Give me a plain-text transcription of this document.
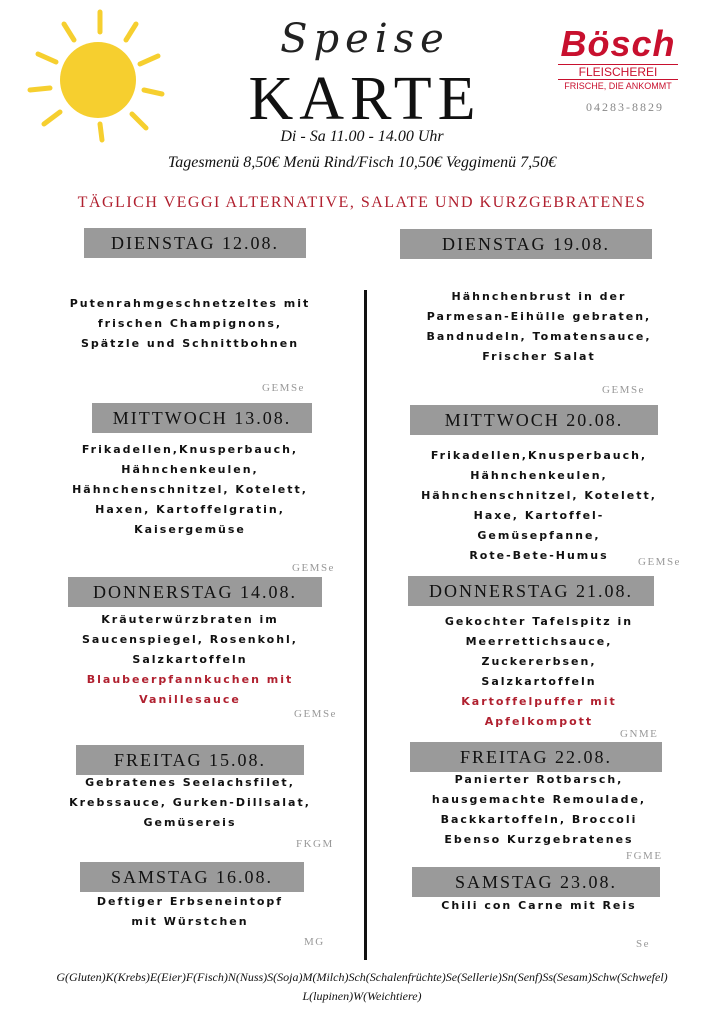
Speise
KARTE
Di - Sa 11.00 - 14.00 Uhr
Tagesmenü 8,50€ Menü Rind/Fisch 10,50€ Veggimenü 7,50€
TÄGLICH VEGGI ALTERNATIVE, SALATE UND KURZGEBRATENES
Bösch
FLEISCHEREI
FRISCHE, DIE ANKOMMT
04283-8829
DIENSTAG 12.08.
Putenrahmgeschnetzeltes mit
frischen Champignons,
Spätzle und Schnittbohnen
GEMSe
MITTWOCH 13.08.
Frikadellen,Knusperbauch,
Hähnchenkeulen,
Hähnchenschnitzel, Kotelett,
Haxen, Kartoffelgratin,
Kaisergemüse
GEMSe
DONNERSTAG 14.08.
Kräuterwürzbraten im
Saucenspiegel, Rosenkohl,
Salzkartoffeln
Blaubeerpfannkuchen mit
Vanillesauce
GEMSe
FREITAG 15.08.
Gebratenes Seelachsfilet,
Krebssauce, Gurken-Dillsalat,
Gemüsereis
FKGM
SAMSTAG 16.08.
Deftiger Erbseneintopf
mit Würstchen
MG
DIENSTAG 19.08.
Hähnchenbrust in der
Parmesan-Eihülle gebraten,
Bandnudeln, Tomatensauce,
Frischer Salat
GEMSe
MITTWOCH 20.08.
Frikadellen,Knusperbauch,
Hähnchenkeulen,
Hähnchenschnitzel, Kotelett,
Haxe, Kartoffel-
Gemüsepfanne,
Rote-Bete-Humus	GEMSe
DONNERSTAG 21.08.
Gekochter Tafelspitz in
Meerrettichsauce,
Zuckererbsen,
Salzkartoffeln
Kartoffelpuffer mit
Apfelkompott
GNME
FREITAG 22.08.
Panierter Rotbarsch,
hausgemachte Remoulade,
Backkartoffeln, Broccoli
Ebenso Kurzgebratenes
FGME
SAMSTAG 23.08.
Chili con Carne mit Reis
Se
G(Gluten)K(Krebs)E(Eier)F(Fisch)N(Nuss)S(Soja)M(Milch)Sch(Schalenfrüchte)Se(Sellerie)Sn(Senf)Ss(Sesam)Schw(Schwefel)
L(lupinen)W(Weichtiere)
